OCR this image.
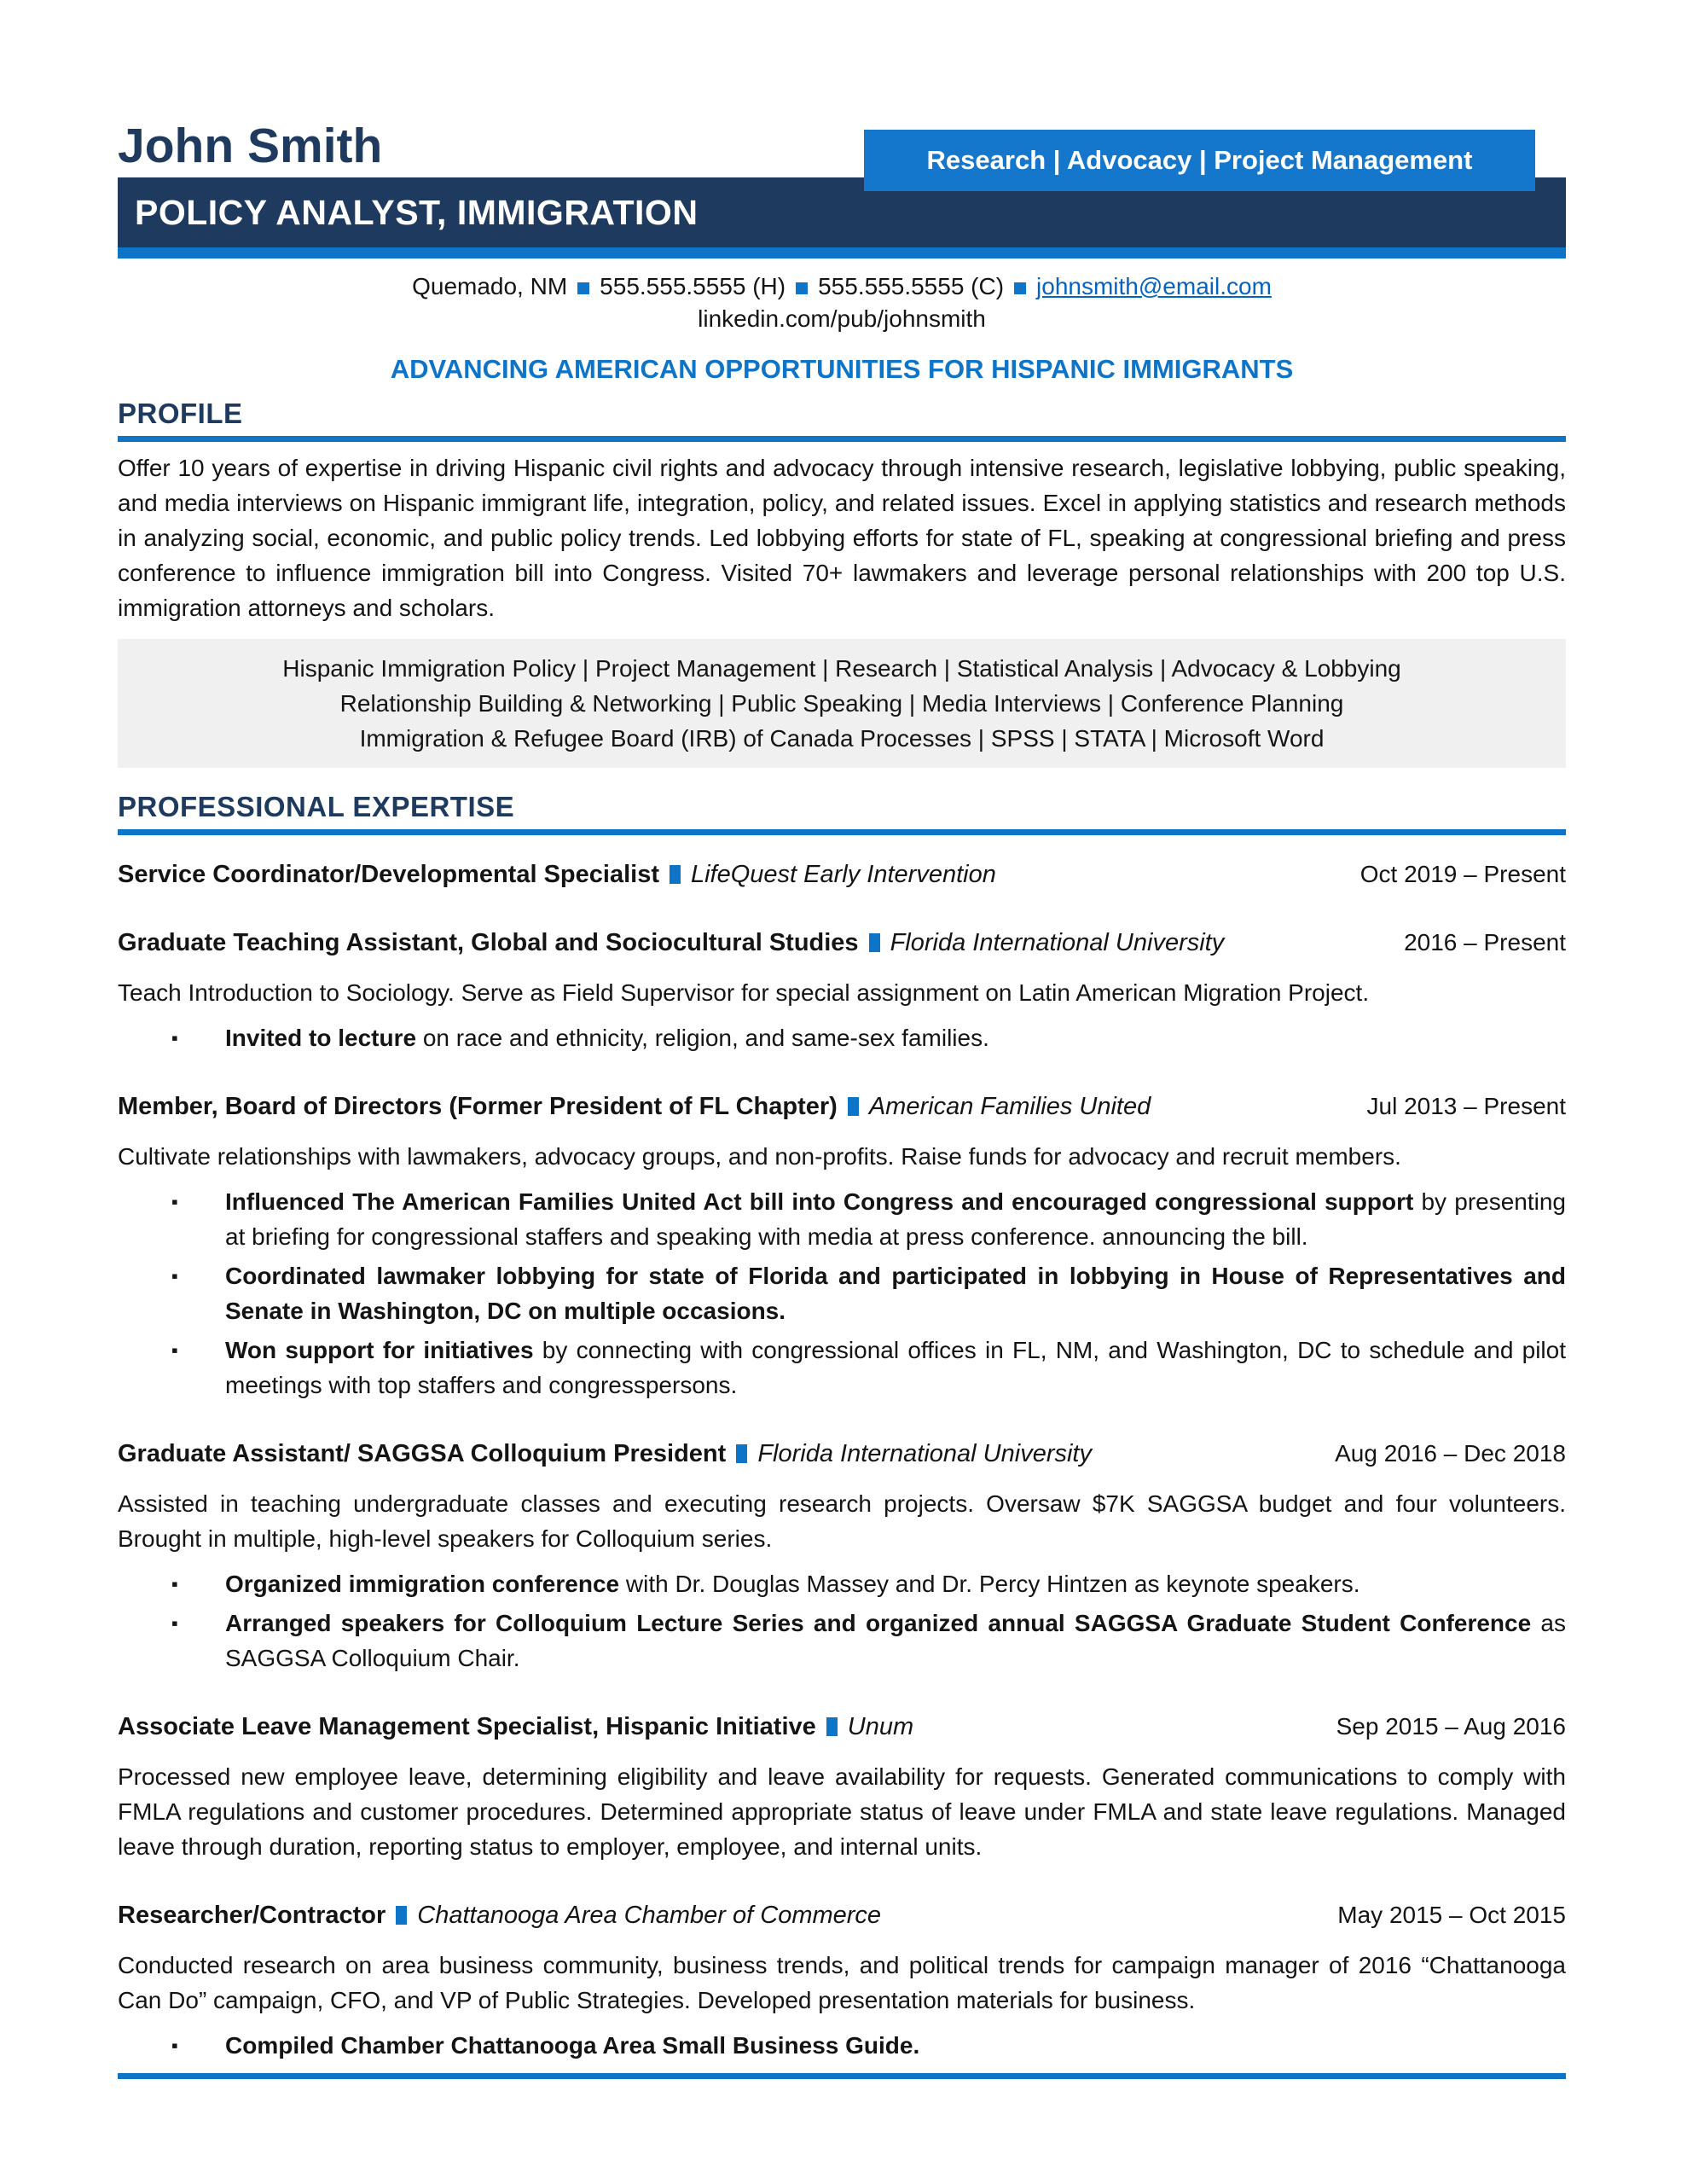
John Smith	Research | Advocacy | Project Management
POLICY ANALYST, IMMIGRATION
Quemado, NM 555.555.5555 (H) 555.555.5555 (C) johnsmith@email.com
linkedin.com/pub/johnsmith
ADVANCING AMERICAN OPPORTUNITIES FOR HISPANIC IMMIGRANTS
PROFILE

Offer 10 years of expertise in driving Hispanic civil rights and advocacy through intensive research, legislative lobbying, public speaking, and media interviews on Hispanic immigrant life, integration, policy, and related issues. Excel in applying statistics and research methods in analyzing social, economic, and public policy trends. Led lobbying efforts for state of FL, speaking at congressional briefing and press conference to influence immigration bill into Congress. Visited 70+ lawmakers and leverage personal relationships with 200 top U.S. immigration attorneys and scholars.

Hispanic Immigration Policy | Project Management | Research | Statistical Analysis | Advocacy & Lobbying
Relationship Building & Networking | Public Speaking | Media Interviews | Conference Planning
Immigration & Refugee Board (IRB) of Canada Processes | SPSS | STATA | Microsoft Word
PROFESSIONAL EXPERTISE
Service Coordinator/Developmental Specialist LifeQuest Early Intervention	Oct 2019 – Present
Graduate Teaching Assistant, Global and Sociocultural Studies Florida International University	2016 – Present

Teach Introduction to Sociology. Serve as Field Supervisor for special assignment on Latin American Migration Project.

▪ Invited to lecture on race and ethnicity, religion, and same-sex families.
Member, Board of Directors (Former President of FL Chapter) American Families United	Jul 2013 – Present

Cultivate relationships with lawmakers, advocacy groups, and non-profits. Raise funds for advocacy and recruit members.

▪ Influenced The American Families United Act bill into Congress and encouraged congressional support by presenting at briefing for congressional staffers and speaking with media at press conference. announcing the bill.
▪ Coordinated lawmaker lobbying for state of Florida and participated in lobbying in House of Representatives and Senate in Washington, DC on multiple occasions.
▪ Won support for initiatives by connecting with congressional offices in FL, NM, and Washington, DC to schedule and pilot meetings with top staffers and congresspersons.
Graduate Assistant/ SAGGSA Colloquium President Florida International University	Aug 2016 – Dec 2018

Assisted in teaching undergraduate classes and executing research projects. Oversaw $7K SAGGSA budget and four volunteers. Brought in multiple, high-level speakers for Colloquium series.

▪ Organized immigration conference with Dr. Douglas Massey and Dr. Percy Hintzen as keynote speakers.
▪ Arranged speakers for Colloquium Lecture Series and organized annual SAGGSA Graduate Student Conference as SAGGSA Colloquium Chair.
Associate Leave Management Specialist, Hispanic Initiative Unum	Sep 2015 – Aug 2016

Processed new employee leave, determining eligibility and leave availability for requests. Generated communications to comply with FMLA regulations and customer procedures. Determined appropriate status of leave under FMLA and state leave regulations. Managed leave through duration, reporting status to employer, employee, and internal units.

Researcher/Contractor Chattanooga Area Chamber of Commerce	May 2015 – Oct 2015

Conducted research on area business community, business trends, and political trends for campaign manager of 2016 “Chattanooga Can Do” campaign, CFO, and VP of Public Strategies. Developed presentation materials for business.

▪ Compiled Chamber Chattanooga Area Small Business Guide.
